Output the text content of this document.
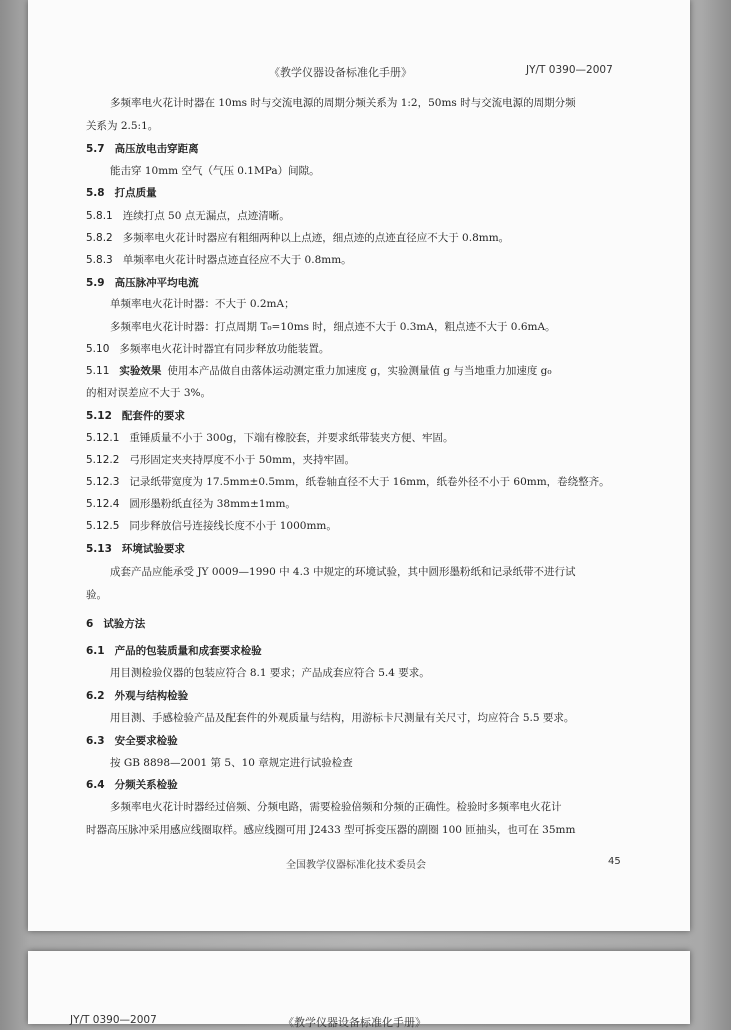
《教学仪器设备标准化手册》	JY/T 0390—2007
多频率电火花计时器在 10ms 时与交流电源的周期分频关系为 1:2，50ms 时与交流电源的周期分频
关系为 2.5:1。
5.7 高压放电击穿距离
能击穿 10mm 空气（气压 0.1MPa）间隙。
5.8 打点质量
5.8.1 连续打点 50 点无漏点，点迹清晰。
5.8.2 多频率电火花计时器应有粗细两种以上点迹，细点迹的点迹直径应不大于 0.8mm。
5.8.3 单频率电火花计时器点迹直径应不大于 0.8mm。
5.9 高压脉冲平均电流
单频率电火花计时器：不大于 0.2mA；
多频率电火花计时器：打点周期 T₀=10ms 时，细点迹不大于 0.3mA，粗点迹不大于 0.6mA。
5.10 多频率电火花计时器宜有同步释放功能装置。
5.11 实验效果 使用本产品做自由落体运动测定重力加速度 g，实验测量值 g 与当地重力加速度 g₀
的相对误差应不大于 3%。
5.12 配套件的要求
5.12.1 重锤质量不小于 300g，下端有橡胶套，并要求纸带装夹方便、牢固。
5.12.2 弓形固定夹夹持厚度不小于 50mm，夹持牢固。
5.12.3 记录纸带宽度为 17.5mm±0.5mm，纸卷轴直径不大于 16mm，纸卷外径不小于 60mm，卷绕整齐。
5.12.4 圆形墨粉纸直径为 38mm±1mm。
5.12.5 同步释放信号连接线长度不小于 1000mm。
5.13 环境试验要求
成套产品应能承受 JY 0009—1990 中 4.3 中规定的环境试验，其中圆形墨粉纸和记录纸带不进行试
验。
6 试验方法
6.1 产品的包装质量和成套要求检验
用目测检验仪器的包装应符合 8.1 要求；产品成套应符合 5.4 要求。
6.2 外观与结构检验
用目测、手感检验产品及配套件的外观质量与结构，用游标卡尺测量有关尺寸，均应符合 5.5 要求。
6.3 安全要求检验
按 GB 8898—2001 第 5、10 章规定进行试验检查
6.4 分频关系检验
多频率电火花计时器经过倍频、分频电路，需要检验倍频和分频的正确性。检验时多频率电火花计
时器高压脉冲采用感应线圈取样。感应线圈可用 J2433 型可拆变压器的副圈 100 匝抽头，也可在 35mm
全国教学仪器标准化技术委员会	45
JY/T 0390—2007	《教学仪器设备标准化手册》
